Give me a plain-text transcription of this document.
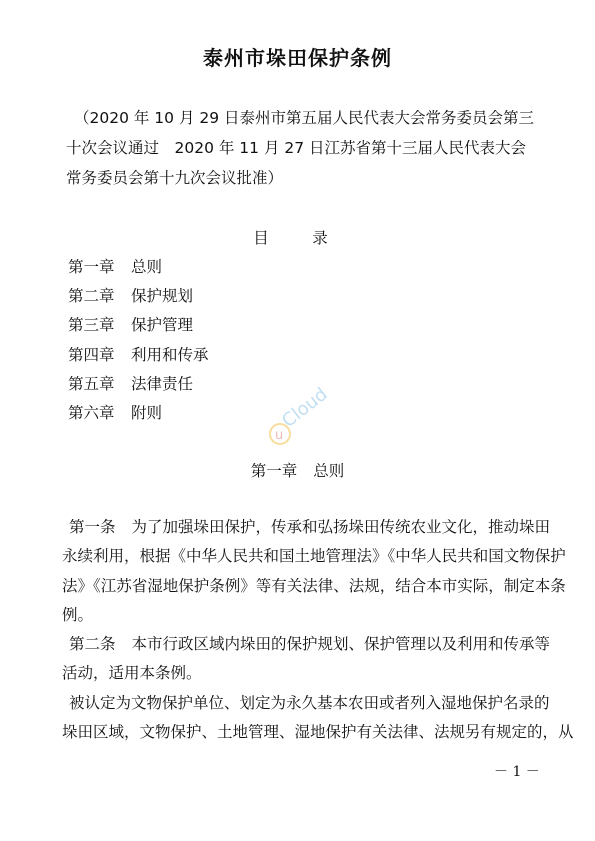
泰州市垛田保护条例
（2020 年 10 月 29 日泰州市第五届人民代表大会常务委员会第三
十次会议通过　2020 年 11 月 27 日江苏省第十三届人民代表大会
常务委员会第十九次会议批准）
目　录
第一章 总则
第二章 保护规划
第三章 保护管理
第四章 利用和传承
第五章 法律责任
第六章 附则
u
Cloud
第一章 总则
第一条 为了加强垛田保护，传承和弘扬垛田传统农业文化，推动垛田
永续利用，根据《中华人民共和国土地管理法》《中华人民共和国文物保护
法》《江苏省湿地保护条例》等有关法律、法规，结合本市实际，制定本条
例。
第二条 本市行政区域内垛田的保护规划、保护管理以及利用和传承等
活动，适用本条例。
被认定为文物保护单位、划定为永久基本农田或者列入湿地保护名录的
垛田区域，文物保护、土地管理、湿地保护有关法律、法规另有规定的，从
－ 1 －
